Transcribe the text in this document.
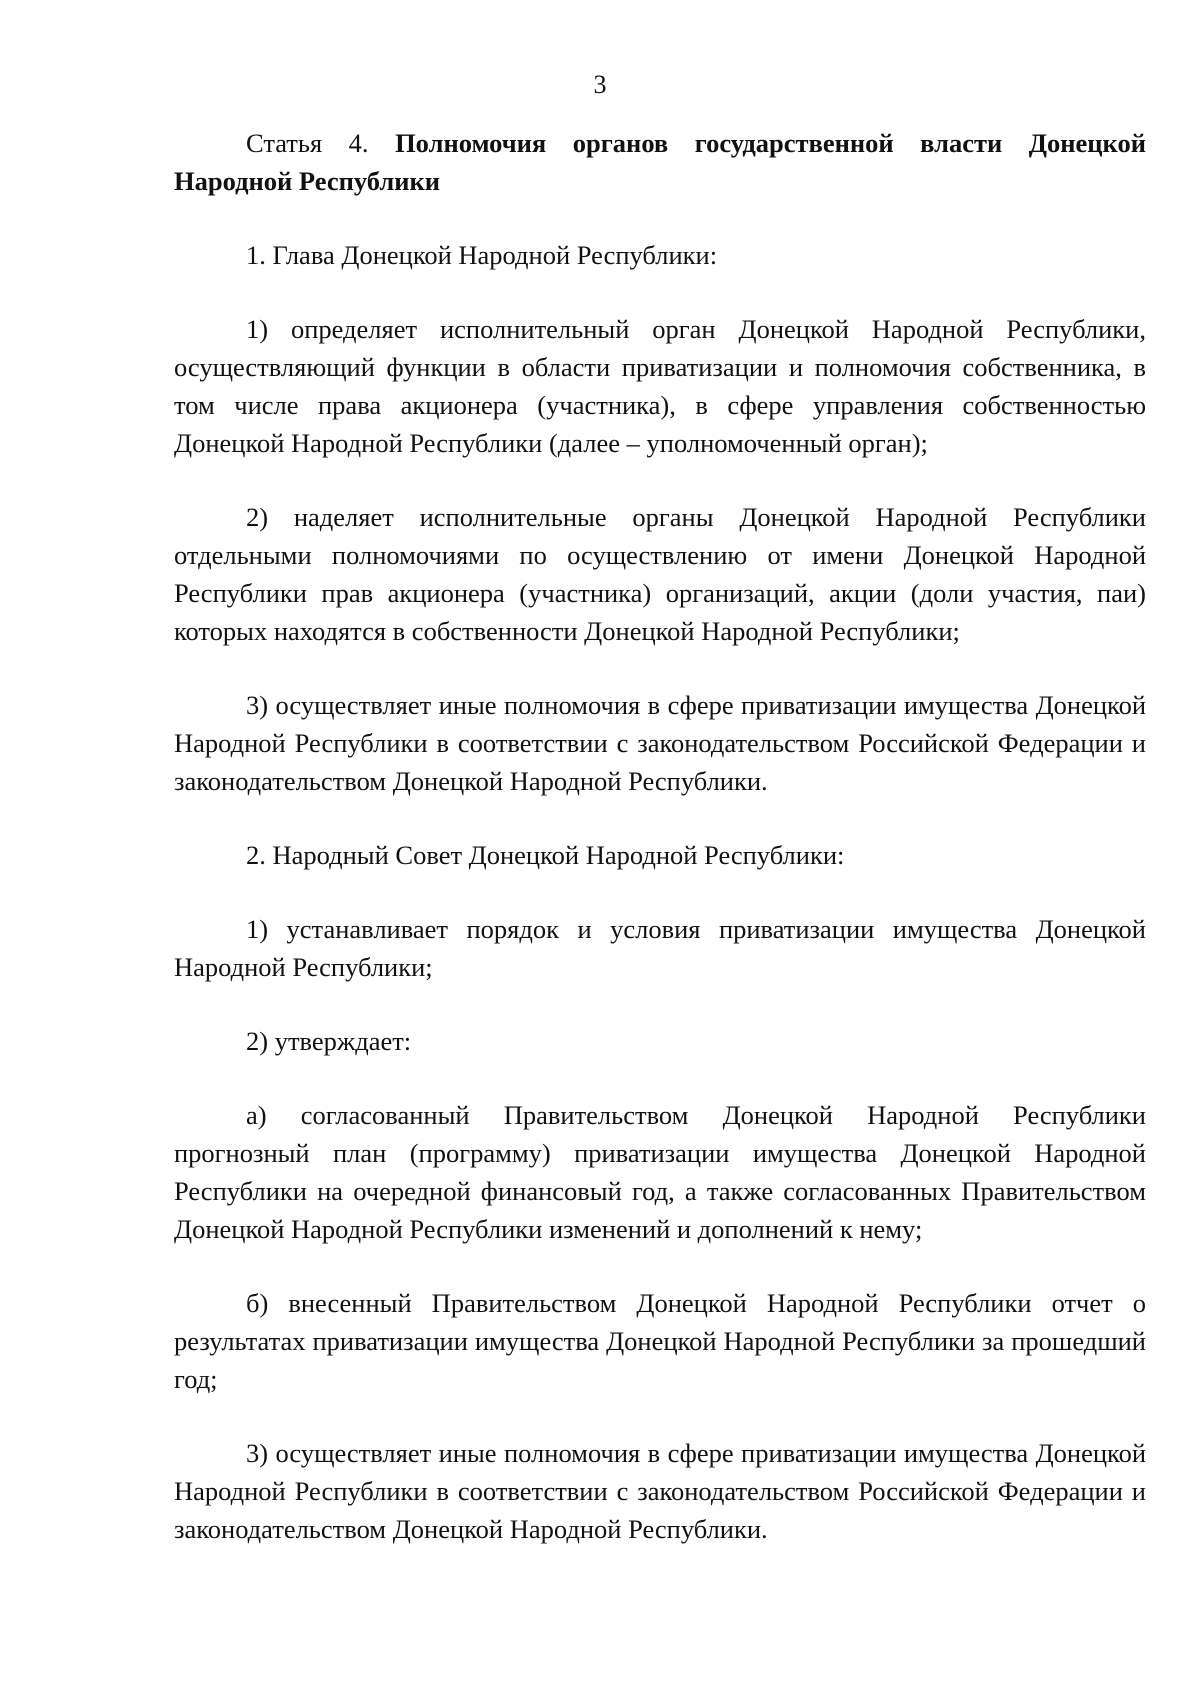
3

Статья 4. Полномочия органов государственной власти Донецкой Народной Республики

1. Глава Донецкой Народной Республики:

1) определяет исполнительный орган Донецкой Народной Республики, осуществляющий функции в области приватизации и полномочия собственника, в том числе права акционера (участника), в сфере управления собственностью Донецкой Народной Республики (далее – уполномоченный орган);

2) наделяет исполнительные органы Донецкой Народной Республики отдельными полномочиями по осуществлению от имени Донецкой Народной Республики прав акционера (участника) организаций, акции (доли участия, паи) которых находятся в собственности Донецкой Народной Республики;

3) осуществляет иные полномочия в сфере приватизации имущества Донецкой Народной Республики в соответствии с законодательством Российской Федерации и законодательством Донецкой Народной Республики.

2. Народный Совет Донецкой Народной Республики:

1) устанавливает порядок и условия приватизации имущества Донецкой Народной Республики;

2) утверждает:

а) согласованный Правительством Донецкой Народной Республики прогнозный план (программу) приватизации имущества Донецкой Народной Республики на очередной финансовый год, а также согласованных Правительством Донецкой Народной Республики изменений и дополнений к нему;

б) внесенный Правительством Донецкой Народной Республики отчет о результатах приватизации имущества Донецкой Народной Республики за прошедший год;

3) осуществляет иные полномочия в сфере приватизации имущества Донецкой Народной Республики в соответствии с законодательством Российской Федерации и законодательством Донецкой Народной Республики.
